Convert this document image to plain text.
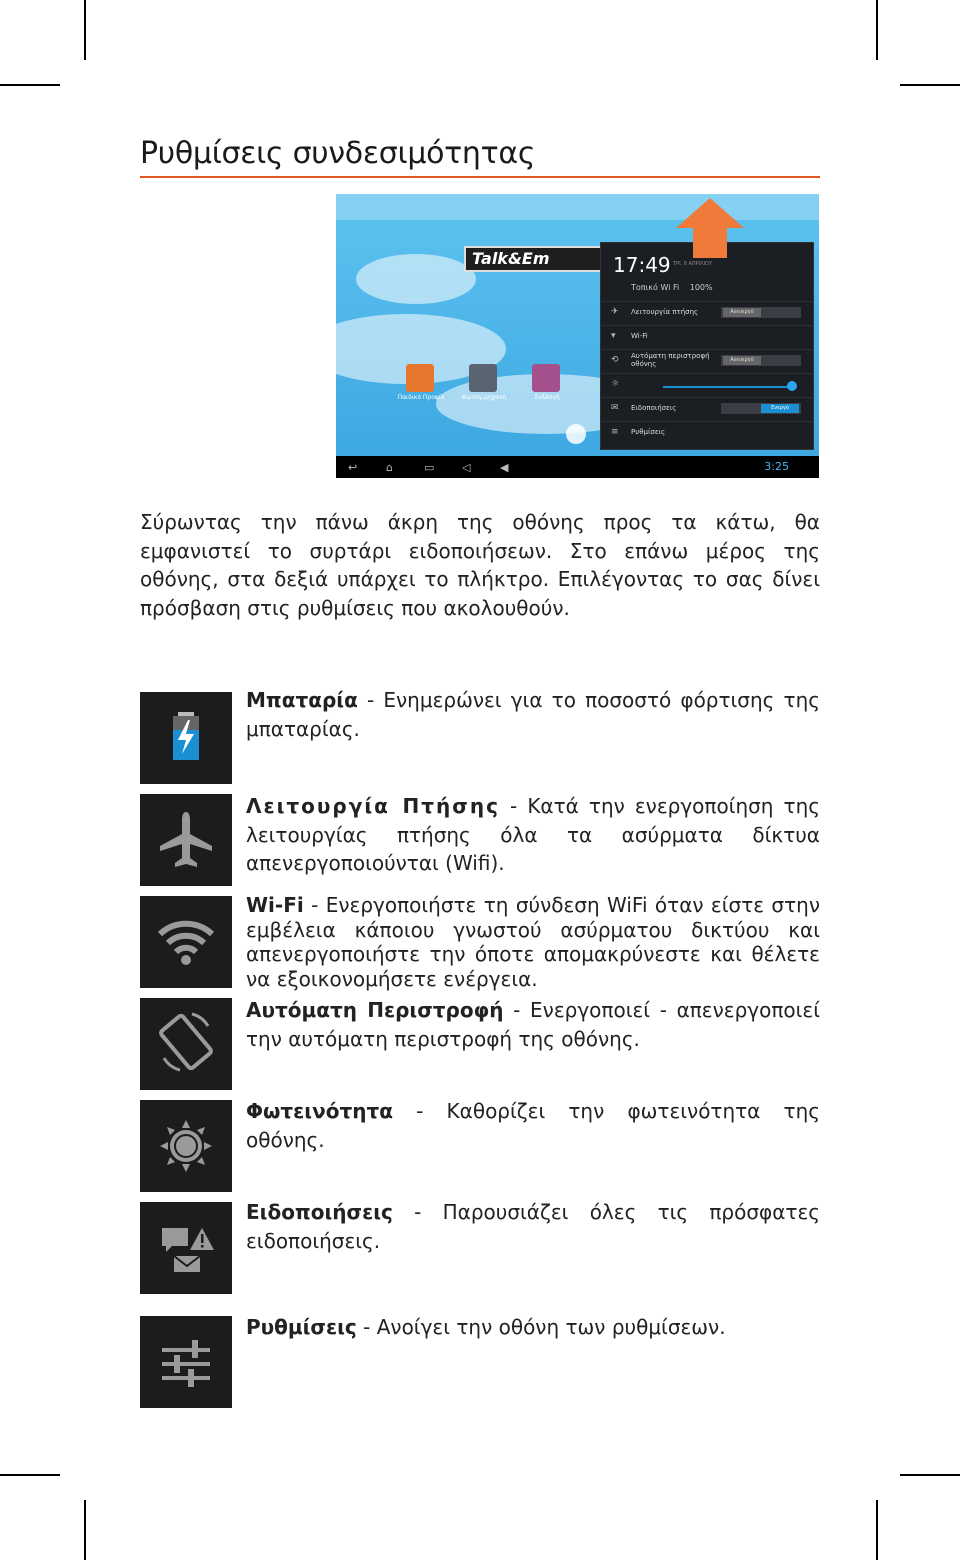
Ρυθμίσεις συνδεσιμότητας
Talk&Em
Παιδικό Προφίλ	Φωτογ.μηχανή	Συλλογή
17:49 ΤΡΙ, 8 ΑΠΡΙΛΙΟΥ
Τοπικό Wi Fi 100%
✈ Λειτουργία πτήσης	Ανενεργό
▾ Wi-Fi
⟲ Αυτόματη περιστροφή οθόνης	Ανενεργό
☼
✉ Ειδοποιήσεις	Ενεργό
≡ Ρυθμίσεις
↩	⌂	▭	◁	◀	3:25
Σύρωντας την πάνω άκρη της οθόνης προς τα κάτω, θα εμφανιστεί το συρτάρι ειδοποιήσεων. Στο επάνω μέρος της οθόνης, στα δεξιά υπάρχει το πλήκτρο. Επιλέγοντας το σας δίνει πρόσβαση στις ρυθμίσεις που ακολουθούν.
Μπαταρία - Ενημερώνει για το ποσοστό φόρτισης της μπαταρίας.
Λειτουργία Πτήσης - Κατά την ενεργοποίηση της λειτουργίας πτήσης όλα τα ασύρματα δίκτυα απενεργοποιούνται (Wifi).
Wi-Fi - Ενεργοποιήστε τη σύνδεση WiFi όταν είστε στην εμβέλεια κάποιου γνωστού ασύρματου δικτύου και απενεργοποιήστε την όποτε απομακρύνεστε και θέλετε να εξοικονομήσετε ενέργεια.
Αυτόματη Περιστροφή - Ενεργοποιεί - απενεργοποιεί την αυτόματη περιστροφή της οθόνης.
Φωτεινότητα - Καθορίζει την φωτεινότητα της οθόνης.
Ειδοποιήσεις - Παρουσιάζει όλες τις πρόσφατες ειδοποιήσεις.
Ρυθμίσεις - Ανοίγει την οθόνη των ρυθμίσεων.
